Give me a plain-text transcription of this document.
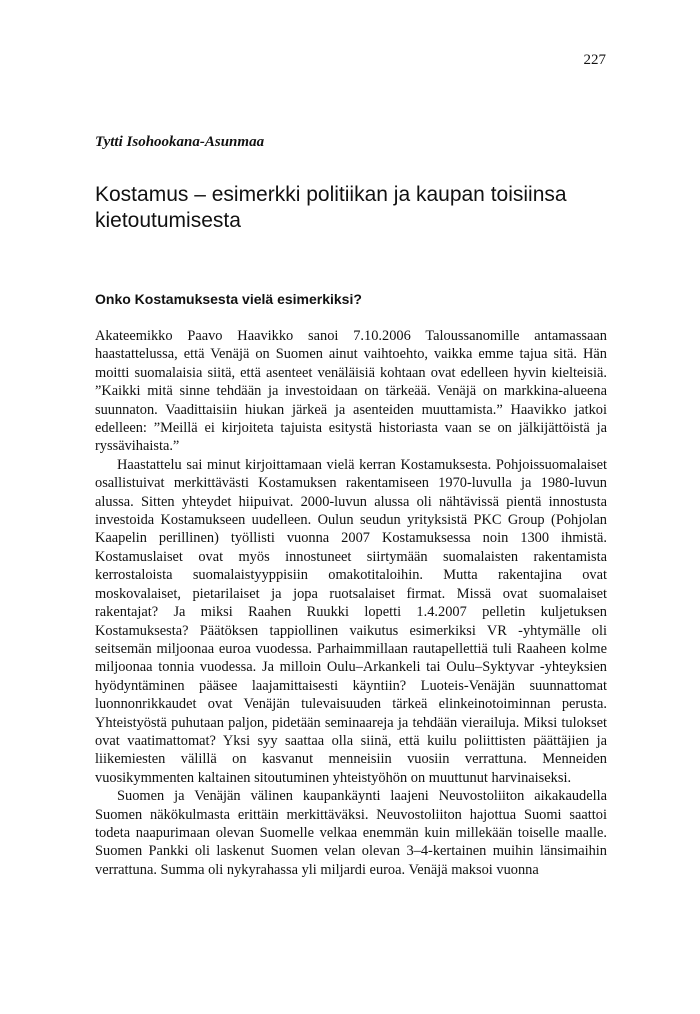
227
Tytti Isohookana-Asunmaa
Kostamus – esimerkki politiikan ja kaupan toisiinsa kietoutumisesta
Onko Kostamuksesta vielä esimerkiksi?

Akateemikko Paavo Haavikko sanoi 7.10.2006 Taloussanomille antamassaan haastattelussa, että Venäjä on Suomen ainut vaihtoehto, vaikka emme tajua sitä. Hän moitti suomalaisia siitä, että asenteet venäläisiä kohtaan ovat edelleen hyvin kielteisiä. ”Kaikki mitä sinne tehdään ja investoidaan on tärkeää. Venäjä on markkina-alueena suunnaton. Vaadittaisiin hiukan järkeä ja asenteiden muuttamista.” Haavikko jatkoi edelleen: ”Meillä ei kirjoiteta tajuista esitystä historiasta vaan se on jälkijättöistä ja ryssävihaista.”

Haastattelu sai minut kirjoittamaan vielä kerran Kostamuksesta. Pohjoissuomalaiset osallistuivat merkittävästi Kostamuksen rakentamiseen 1970-luvulla ja 1980-luvun alussa. Sitten yhteydet hiipuivat. 2000-luvun alussa oli nähtävissä pientä innostusta investoida Kostamukseen uudelleen. Oulun seudun yrityksistä PKC Group (Pohjolan Kaapelin perillinen) työllisti vuonna 2007 Kostamuksessa noin 1300 ihmistä. Kostamuslaiset ovat myös innostuneet siirtymään suomalaisten rakentamista kerrostaloista suomalaistyyppisiin omakotitaloihin. Mutta rakentajina ovat moskovalaiset, pietarilaiset ja jopa ruotsalaiset firmat. Missä ovat suomalaiset rakentajat? Ja miksi Raahen Ruukki lopetti 1.4.2007 pelletin kuljetuksen Kostamuksesta? Päätöksen tappiollinen vaikutus esimerkiksi VR -yhtymälle oli seitsemän miljoonaa euroa vuodessa. Parhaimmillaan rautapellettiä tuli Raaheen kolme miljoonaa tonnia vuodessa. Ja milloin Oulu–Arkankeli tai Oulu–Syktyvar -yhteyksien hyödyntäminen pääsee laajamittaisesti käyntiin? Luoteis-Venäjän suunnattomat luonnonrikkaudet ovat Venäjän tulevaisuuden tärkeä elinkeinotoiminnan perusta. Yhteistyöstä puhutaan paljon, pidetään seminaareja ja tehdään vierailuja. Miksi tulokset ovat vaatimattomat? Yksi syy saattaa olla siinä, että kuilu poliittisten päättäjien ja liikemiesten välillä on kasvanut menneisiin vuosiin verrattuna. Menneiden vuosikymmenten kaltainen sitoutuminen yhteistyöhön on muuttunut harvinaiseksi.

Suomen ja Venäjän välinen kaupankäynti laajeni Neuvostoliiton aikakaudella Suomen näkökulmasta erittäin merkittäväksi. Neuvostoliiton hajottua Suomi saattoi todeta naapurimaan olevan Suomelle velkaa enemmän kuin millekään toiselle maalle. Suomen Pankki oli laskenut Suomen velan olevan 3–4-kertainen muihin länsimaihin verrattuna. Summa oli nykyrahassa yli miljardi euroa. Venäjä maksoi vuonna
